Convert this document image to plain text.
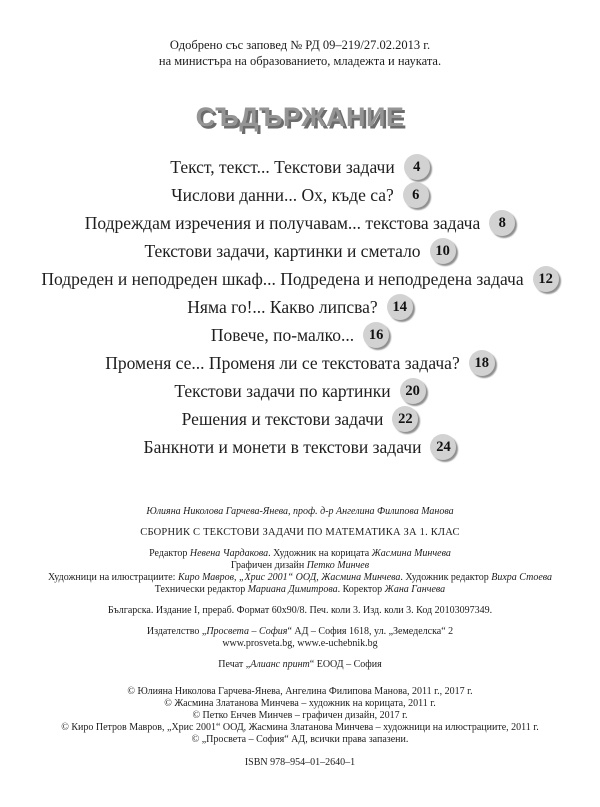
Одобрено със заповед № РД 09–219/27.02.2013 г.
на министъра на образованието, младежта и науката.
СЪДЪРЖАНИЕ
Текст, текст... Текстови задачи	4
Числови данни... Ох, къде са?	6
Подреждам изречения и получавам... текстова задача	8
Текстови задачи, картинки и сметало	10
Подреден и неподреден шкаф... Подредена и неподредена задача	12
Няма го!... Какво липсва?	14
Повече, по-малко...	16
Променя се... Променя ли се текстовата задача?	18
Текстови задачи по картинки	20
Решения и текстови задачи	22
Банкноти и монети в текстови задачи	24
Юлияна Николова Гарчева-Янева, проф. д-р Ангелина Филипова Манова
СБОРНИК С ТЕКСТОВИ ЗАДАЧИ ПО МАТЕМАТИКА ЗА 1. КЛАС
Редактор Невена Чардакова. Художник на корицата Жасмина Минчева
Графичен дизайн Петко Минчев
Художници на илюстрациите: Киро Мавров, „Хрис 2001“ ООД, Жасмина Минчева. Художник редактор Вихра Стоева
Технически редактор Мариана Димитрова. Коректор Жана Ганчева
Българска. Издание I, прераб. Формат 60х90/8. Печ. коли 3. Изд. коли 3. Код 20103097349.
Издателство „Просвета – София“ АД – София 1618, ул. „Земеделска“ 2
www.prosveta.bg, www.e-uchebnik.bg
Печат „Алианс принт“ ЕООД – София
© Юлияна Николова Гарчева-Янева, Ангелина Филипова Манова, 2011 г., 2017 г.
© Жасмина Златанова Минчева – художник на корицата, 2011 г.
© Петко Енчев Минчев – графичен дизайн, 2017 г.
© Киро Петров Мавров, „Хрис 2001“ ООД, Жасмина Златанова Минчева – художници на илюстрациите, 2011 г.
© „Просвета – София“ АД, всички права запазени.
ISBN 978–954–01–2640–1
